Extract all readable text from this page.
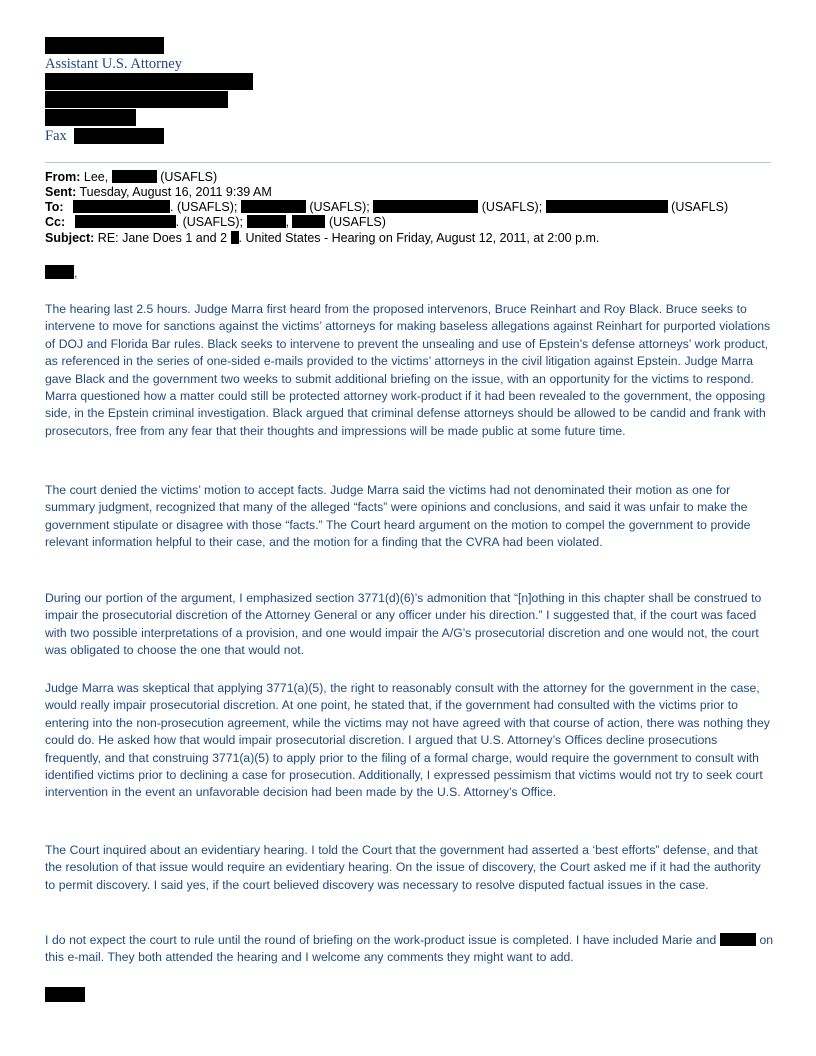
Assistant U.S. Attorney
Fax
From: Lee,	(USAFLS)
Sent: Tuesday, August 16, 2011 9:39 AM
To:	. (USAFLS);	(USAFLS);	(USAFLS);	(USAFLS)
Cc:	. (USAFLS);	,	(USAFLS)
Subject: RE: Jane Does 1 and 2 . United States - Hearing on Friday, August 12, 2011, at 2:00 p.m.
,

The hearing last 2.5 hours. Judge Marra first heard from the proposed intervenors, Bruce Reinhart and Roy Black. Bruce seeks to intervene to move for sanctions against the victims’ attorneys for making baseless allegations against Reinhart for purported violations of DOJ and Florida Bar rules. Black seeks to intervene to prevent the unsealing and use of Epstein’s defense attorneys’ work product, as referenced in the series of one-sided e-mails provided to the victims’ attorneys in the civil litigation against Epstein. Judge Marra gave Black and the government two weeks to submit additional briefing on the issue, with an opportunity for the victims to respond. Marra questioned how a matter could still be protected attorney work-product if it had been revealed to the government, the opposing side, in the Epstein criminal investigation. Black argued that criminal defense attorneys should be allowed to be candid and frank with prosecutors, free from any fear that their thoughts and impressions will be made public at some future time.

The court denied the victims’ motion to accept facts. Judge Marra said the victims had not denominated their motion as one for summary judgment, recognized that many of the alleged “facts” were opinions and conclusions, and said it was unfair to make the government stipulate or disagree with those “facts.” The Court heard argument on the motion to compel the government to provide relevant information helpful to their case, and the motion for a finding that the CVRA had been violated.

During our portion of the argument, I emphasized section 3771(d)(6)’s admonition that “[n]othing in this chapter shall be construed to impair the prosecutorial discretion of the Attorney General or any officer under his direction.” I suggested that, if the court was faced with two possible interpretations of a provision, and one would impair the A/G’s prosecutorial discretion and one would not, the court was obligated to choose the one that would not.

Judge Marra was skeptical that applying 3771(a)(5), the right to reasonably consult with the attorney for the government in the case, would really impair prosecutorial discretion. At one point, he stated that, if the government had consulted with the victims prior to entering into the non-prosecution agreement, while the victims may not have agreed with that course of action, there was nothing they could do. He asked how that would impair prosecutorial discretion. I argued that U.S. Attorney’s Offices decline prosecutions frequently, and that construing 3771(a)(5) to apply prior to the filing of a formal charge, would require the government to consult with identified victims prior to declining a case for prosecution. Additionally, I expressed pessimism that victims would not try to seek court intervention in the event an unfavorable decision had been made by the U.S. Attorney’s Office.

The Court inquired about an evidentiary hearing. I told the Court that the government had asserted a ‘best efforts” defense, and that the resolution of that issue would require an evidentiary hearing. On the issue of discovery, the Court asked me if it had the authority to permit discovery. I said yes, if the court believed discovery was necessary to resolve disputed factual issues in the case.

I do not expect the court to rule until the round of briefing on the work-product issue is completed. I have included Marie and	on this e-mail. They both attended the hearing and I welcome any comments they might want to add.
